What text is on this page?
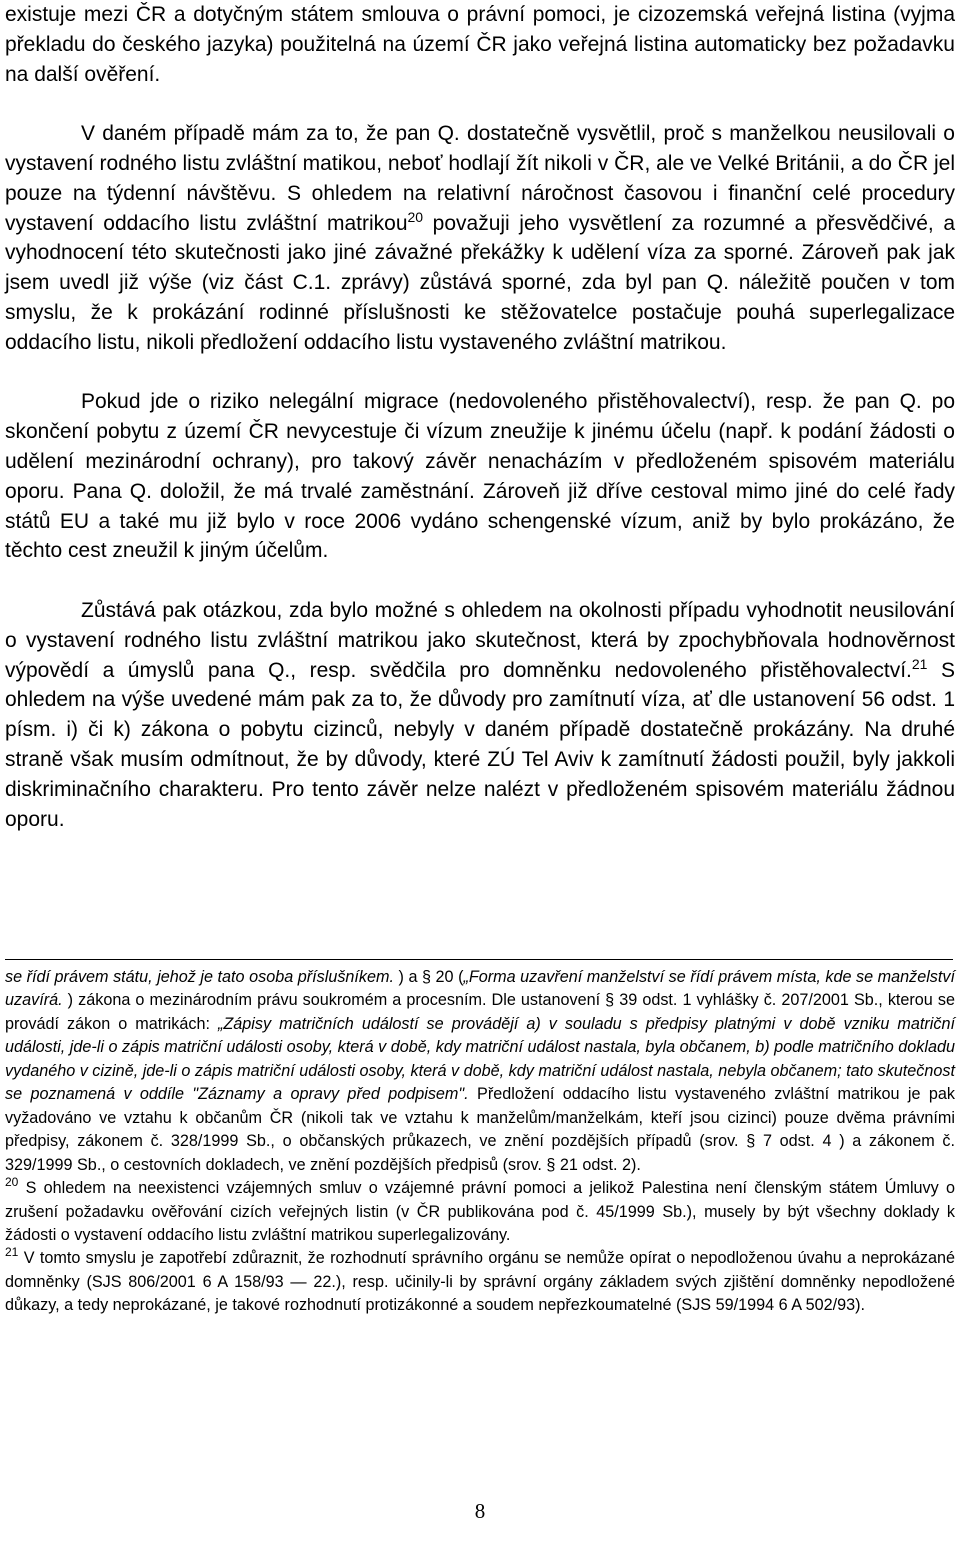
existuje mezi ČR a dotyčným státem smlouva o právní pomoci, je cizozemská veřejná listina (vyjma překladu do českého jazyka) použitelná na území ČR jako veřejná listina automaticky bez požadavku na další ověření.

V daném případě mám za to, že pan Q. dostatečně vysvětlil, proč s manželkou neusilovali o vystavení rodného listu zvláštní matikou, neboť hodlají žít nikoli v ČR, ale ve Velké Británii, a do ČR jel pouze na týdenní návštěvu. S ohledem na relativní náročnost časovou i finanční celé procedury vystavení oddacího listu zvláštní matrikou$^{20}$ považuji jeho vysvětlení za rozumné a přesvědčivé, a vyhodnocení této skutečnosti jako jiné závažné překážky k udělení víza za sporné. Zároveň pak jak jsem uvedl již výše (viz část C.1. zprávy) zůstává sporné, zda byl pan Q. náležitě poučen v tom smyslu, že k prokázání rodinné příslušnosti ke stěžovatelce postačuje pouhá superlegalizace oddacího listu, nikoli předložení oddacího listu vystaveného zvláštní matrikou.

Pokud jde o riziko nelegální migrace (nedovoleného přistěhovalectví), resp. že pan Q. po skončení pobytu z území ČR nevycestuje či vízum zneužije k jinému účelu (např. k podání žádosti o udělení mezinárodní ochrany), pro takový závěr nenacházím v předloženém spisovém materiálu oporu. Pana Q. doložil, že má trvalé zaměstnání. Zároveň již dříve cestoval mimo jiné do celé řady států EU a také mu již bylo v roce 2006 vydáno schengenské vízum, aniž by bylo prokázáno, že těchto cest zneužil k jiným účelům.

Zůstává pak otázkou, zda bylo možné s ohledem na okolnosti případu vyhodnotit neusilování o vystavení rodného listu zvláštní matrikou jako skutečnost, která by zpochybňovala hodnověrnost výpovědí a úmyslů pana Q., resp. svědčila pro domněnku nedovoleného přistěhovalectví.$^{21}$ S ohledem na výše uvedené mám pak za to, že důvody pro zamítnutí víza, ať dle ustanovení 56 odst. 1 písm. i) či k) zákona o pobytu cizinců, nebyly v daném případě dostatečně prokázány. Na druhé straně však musím odmítnout, že by důvody, které ZÚ Tel Aviv k zamítnutí žádosti použil, byly jakkoli diskriminačního charakteru. Pro tento závěr nelze nalézt v předloženém spisovém materiálu žádnou oporu.

se řídí právem státu, jehož je tato osoba příslušníkem. ) a § 20 („Forma uzavření manželství se řídí právem místa, kde se manželství uzavírá. ) zákona o mezinárodním právu soukromém a procesním. Dle ustanovení § 39 odst. 1 vyhlášky č. 207/2001 Sb., kterou se provádí zákon o matrikách: „Zápisy matričních událostí se provádějí a) v souladu s předpisy platnými v době vzniku matriční události, jde-li o zápis matriční události osoby, která v době, kdy matriční událost nastala, byla občanem, b) podle matričního dokladu vydaného v cizině, jde-li o zápis matriční události osoby, která v době, kdy matriční událost nastala, nebyla občanem; tato skutečnost se poznamená v oddíle "Záznamy a opravy před podpisem". Předložení oddacího listu vystaveného zvláštní matrikou je pak vyžadováno ve vztahu k občanům ČR (nikoli tak ve vztahu k manželům/manželkám, kteří jsou cizinci) pouze dvěma právními předpisy, zákonem č. 328/1999 Sb., o občanských průkazech, ve znění pozdějších případů (srov. § 7 odst. 4 ) a zákonem č. 329/1999 Sb., o cestovních dokladech, ve znění pozdějších předpisů (srov. § 21 odst. 2).

$^{20}$ S ohledem na neexistenci vzájemných smluv o vzájemné právní pomoci a jelikož Palestina není členským státem Úmluvy o zrušení požadavku ověřování cizích veřejných listin (v ČR publikována pod č. 45/1999 Sb.), musely by být všechny doklady k žádosti o vystavení oddacího listu zvláštní matrikou superlegalizovány.

$^{21}$ V tomto smyslu je zapotřebí zdůraznit, že rozhodnutí správního orgánu se nemůže opírat o nepodloženou úvahu a neprokázané domněnky (SJS 806/2001 6 A 158/93 — 22.), resp. učinily-li by správní orgány základem svých zjištění domněnky nepodložené důkazy, a tedy neprokázané, je takové rozhodnutí protizákonné a soudem nepřezkoumatelné (SJS 59/1994 6 A 502/93).

8
